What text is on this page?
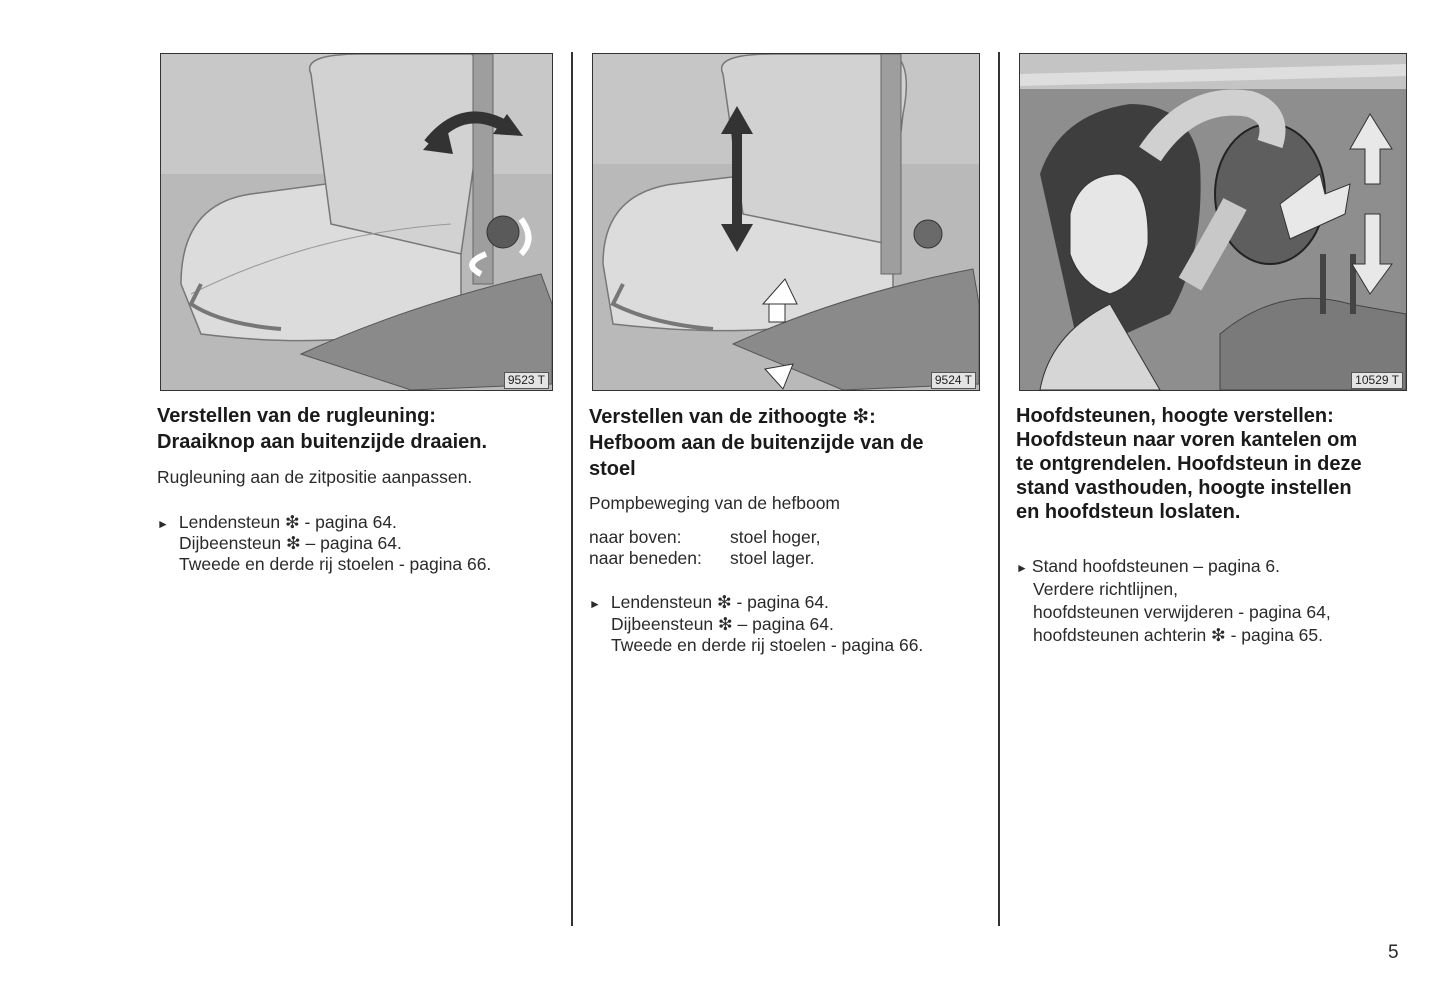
9523 T	9524 T	10529 T
Verstellen van de rugleuning:
Draaiknop aan buitenzijde draaien.

Rugleuning aan de zitpositie aanpassen.

► Lendensteun ❇ - pagina 64.

Dijbeensteun ❇ – pagina 64.

Tweede en derde rij stoelen - pagina 66.

Verstellen van de zithoogte ❇:
Hefboom aan de buitenzijde van de
stoel

Pompbeweging van de hefboom

naar boven:	stoel hoger,

naar beneden: stoel lager.

► Lendensteun ❇ - pagina 64.

Dijbeensteun ❇ – pagina 64.

Tweede en derde rij stoelen - pagina 66.

Hoofdsteunen, hoogte verstellen:
Hoofdsteun naar voren kantelen om
te ontgrendelen. Hoofdsteun in deze
stand vasthouden, hoogte instellen
en hoofdsteun loslaten.

► Stand hoofdsteunen – pagina 6.

Verdere richtlijnen,

hoofdsteunen verwijderen - pagina 64,

hoofdsteunen achterin ❇ - pagina 65.

5
